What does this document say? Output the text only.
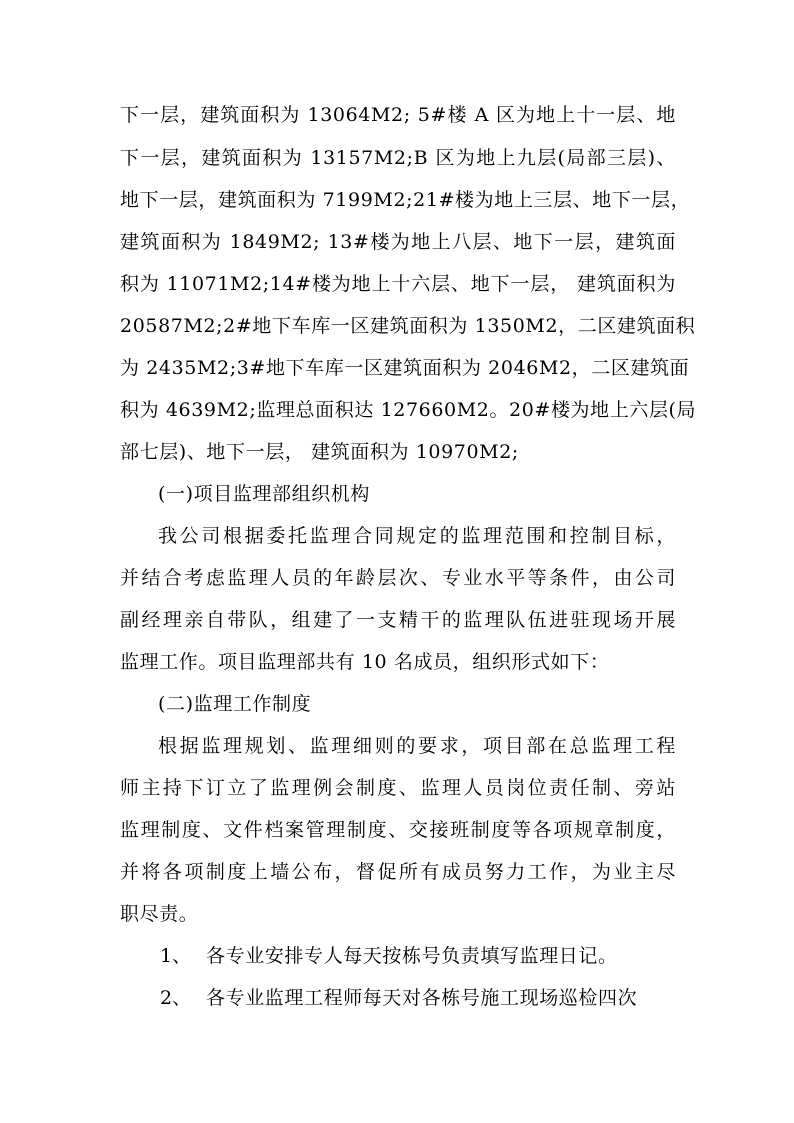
下一层，建筑面积为 13064M2; 5#楼 A 区为地上十一层、地
下一层，建筑面积为 13157M2;B 区为地上九层(局部三层)、
地下一层，建筑面积为 7199M2;21#楼为地上三层、地下一层，
建筑面积为 1849M2; 13#楼为地上八层、地下一层，建筑面
积为 11071M2;14#楼为地上十六层、地下一层， 建筑面积为
20587M2;2#地下车库一区建筑面积为 1350M2，二区建筑面积
为 2435M2;3#地下车库一区建筑面积为 2046M2，二区建筑面
积为 4639M2;监理总面积达 127660M2。20#楼为地上六层(局
部七层)、地下一层， 建筑面积为 10970M2;
(一)项目监理部组织机构
我公司根据委托监理合同规定的监理范围和控制目标，
并结合考虑监理人员的年龄层次、专业水平等条件，由公司
副经理亲自带队，组建了一支精干的监理队伍进驻现场开展
监理工作。项目监理部共有 10 名成员，组织形式如下：
(二)监理工作制度
根据监理规划、监理细则的要求，项目部在总监理工程
师主持下订立了监理例会制度、监理人员岗位责任制、旁站
监理制度、文件档案管理制度、交接班制度等各项规章制度，
并将各项制度上墙公布，督促所有成员努力工作，为业主尽
职尽责。
1、 各专业安排专人每天按栋号负责填写监理日记。
2、 各专业监理工程师每天对各栋号施工现场巡检四次
